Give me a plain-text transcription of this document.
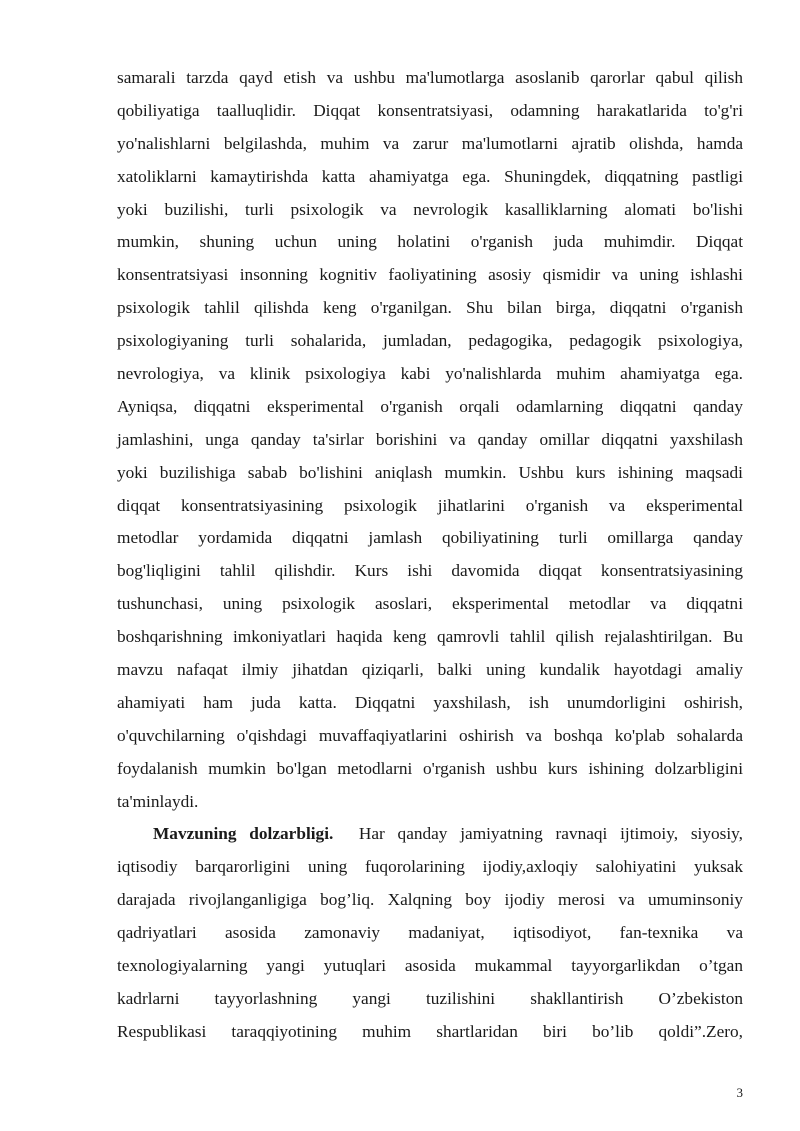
samarali tarzda qayd etish va ushbu ma'lumotlarga asoslanib qarorlar qabul qilish
qobiliyatiga taalluqlidir. Diqqat konsentratsiyasi, odamning harakatlarida to'g'ri
yo'nalishlarni belgilashda, muhim va zarur ma'lumotlarni ajratib olishda, hamda
xatoliklarni kamaytirishda katta ahamiyatga ega. Shuningdek, diqqatning pastligi
yoki buzilishi, turli psixologik va nevrologik kasalliklarning alomati bo'lishi
mumkin, shuning uchun uning holatini o'rganish juda muhimdir. Diqqat
konsentratsiyasi insonning kognitiv faoliyatining asosiy qismidir va uning ishlashi
psixologik tahlil qilishda keng o'rganilgan. Shu bilan birga, diqqatni o'rganish
psixologiyaning turli sohalarida, jumladan, pedagogika, pedagogik psixologiya,
nevrologiya, va klinik psixologiya kabi yo'nalishlarda muhim ahamiyatga ega.
Ayniqsa, diqqatni eksperimental o'rganish orqali odamlarning diqqatni qanday
jamlashini, unga qanday ta'sirlar borishini va qanday omillar diqqatni yaxshilash
yoki buzilishiga sabab bo'lishini aniqlash mumkin. Ushbu kurs ishining maqsadi
diqqat konsentratsiyasining psixologik jihatlarini o'rganish va eksperimental
metodlar yordamida diqqatni jamlash qobiliyatining turli omillarga qanday
bog'liqligini tahlil qilishdir. Kurs ishi davomida diqqat konsentratsiyasining
tushunchasi, uning psixologik asoslari, eksperimental metodlar va diqqatni
boshqarishning imkoniyatlari haqida keng qamrovli tahlil qilish rejalashtirilgan. Bu
mavzu nafaqat ilmiy jihatdan qiziqarli, balki uning kundalik hayotdagi amaliy
ahamiyati ham juda katta. Diqqatni yaxshilash, ish unumdorligini oshirish,
o'quvchilarning o'qishdagi muvaffaqiyatlarini oshirish va boshqa ko'plab sohalarda
foydalanish mumkin bo'lgan metodlarni o'rganish ushbu kurs ishining dolzarbligini
ta'minlaydi.
Mavzuning dolzarbligi. Har qanday jamiyatning ravnaqi ijtimoiy, siyosiy,
iqtisodiy barqarorligini uning fuqorolarining ijodiy,axloqiy salohiyatini yuksak
darajada rivojlanganligiga bog’liq. Xalqning boy ijodiy merosi va umuminsoniy
qadriyatlari asosida zamonaviy madaniyat, iqtisodiyot, fan-texnika va
texnologiyalarning yangi yutuqlari asosida mukammal tayyorgarlikdan o’tgan
kadrlarni tayyorlashning yangi tuzilishini shakllantirish O’zbekiston
Respublikasi taraqqiyotining muhim shartlaridan biri bo’lib qoldi”.Zero,
3
